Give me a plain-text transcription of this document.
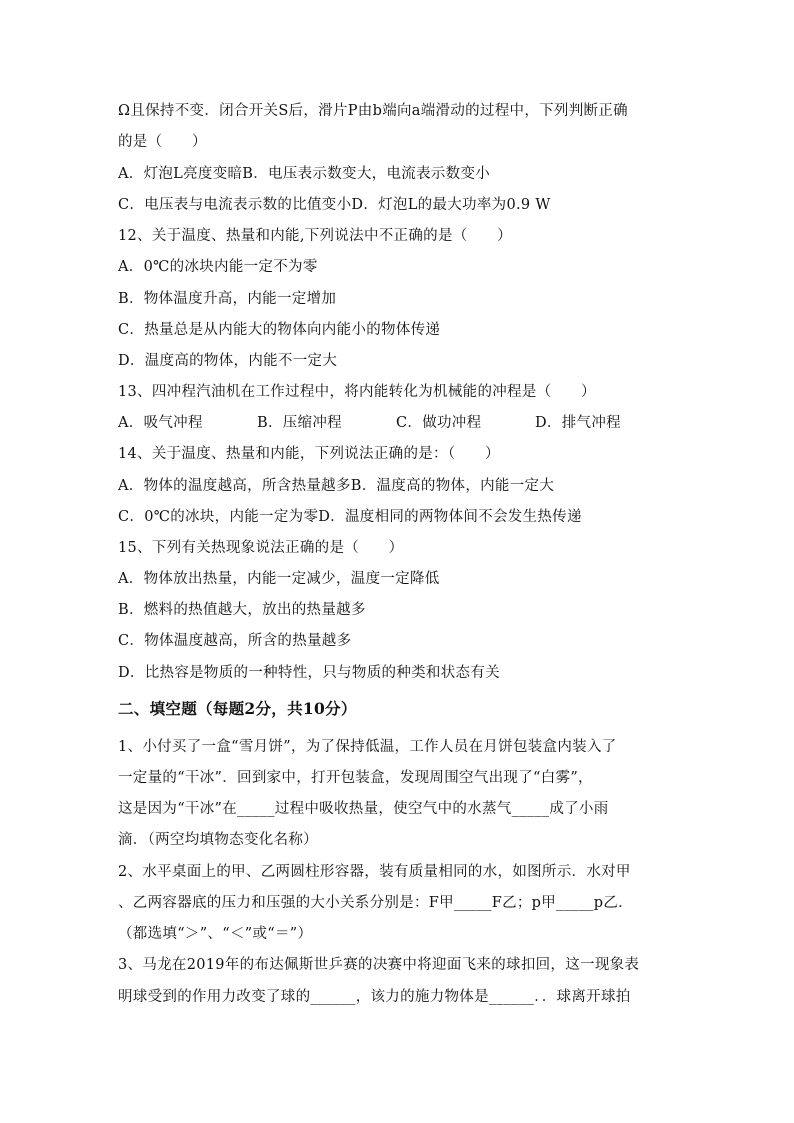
Ω且保持不变．闭合开关S后，滑片P由b端向a端滑动的过程中，下列判断正确
的是（　　）
A．灯泡L亮度变暗B．电压表示数变大，电流表示数变小
C．电压表与电流表示数的比值变小D．灯泡L的最大功率为0.9 W
12、关于温度、热量和内能,下列说法中不正确的是（　　）
A．0℃的冰块内能一定不为零
B．物体温度升高，内能一定增加
C．热量总是从内能大的物体向内能小的物体传递
D．温度高的物体，内能不一定大
13、四冲程汽油机在工作过程中，将内能转化为机械能的冲程是（　　）
A．吸气冲程	B．压缩冲程	C．做功冲程	D．排气冲程
14、关于温度、热量和内能，下列说法正确的是：（　　）
A．物体的温度越高，所含热量越多B．温度高的物体，内能一定大
C．0℃的冰块，内能一定为零D．温度相同的两物体间不会发生热传递
15、下列有关热现象说法正确的是（　　）
A．物体放出热量，内能一定减少，温度一定降低
B．燃料的热值越大，放出的热量越多
C．物体温度越高，所含的热量越多
D．比热容是物质的一种特性，只与物质的种类和状态有关
二、填空题（每题2分，共10分）
1、小付买了一盒“雪月饼”，为了保持低温，工作人员在月饼包装盒内装入了
一定量的“干冰”．回到家中，打开包装盒，发现周围空气出现了“白雾”，
这是因为“干冰”在_____过程中吸收热量，使空气中的水蒸气_____成了小雨
滴．（两空均填物态变化名称）
2、水平桌面上的甲、乙两圆柱形容器，装有质量相同的水，如图所示．水对甲
、乙两容器底的压力和压强的大小关系分别是：F甲_____F乙；p甲_____p乙．
（都选填“＞”、“＜”或“＝”）
3、马龙在2019年的布达佩斯世乒赛的决赛中将迎面飞来的球扣回，这一现象表
明球受到的作用力改变了球的______，该力的施力物体是______．．球离开球拍
